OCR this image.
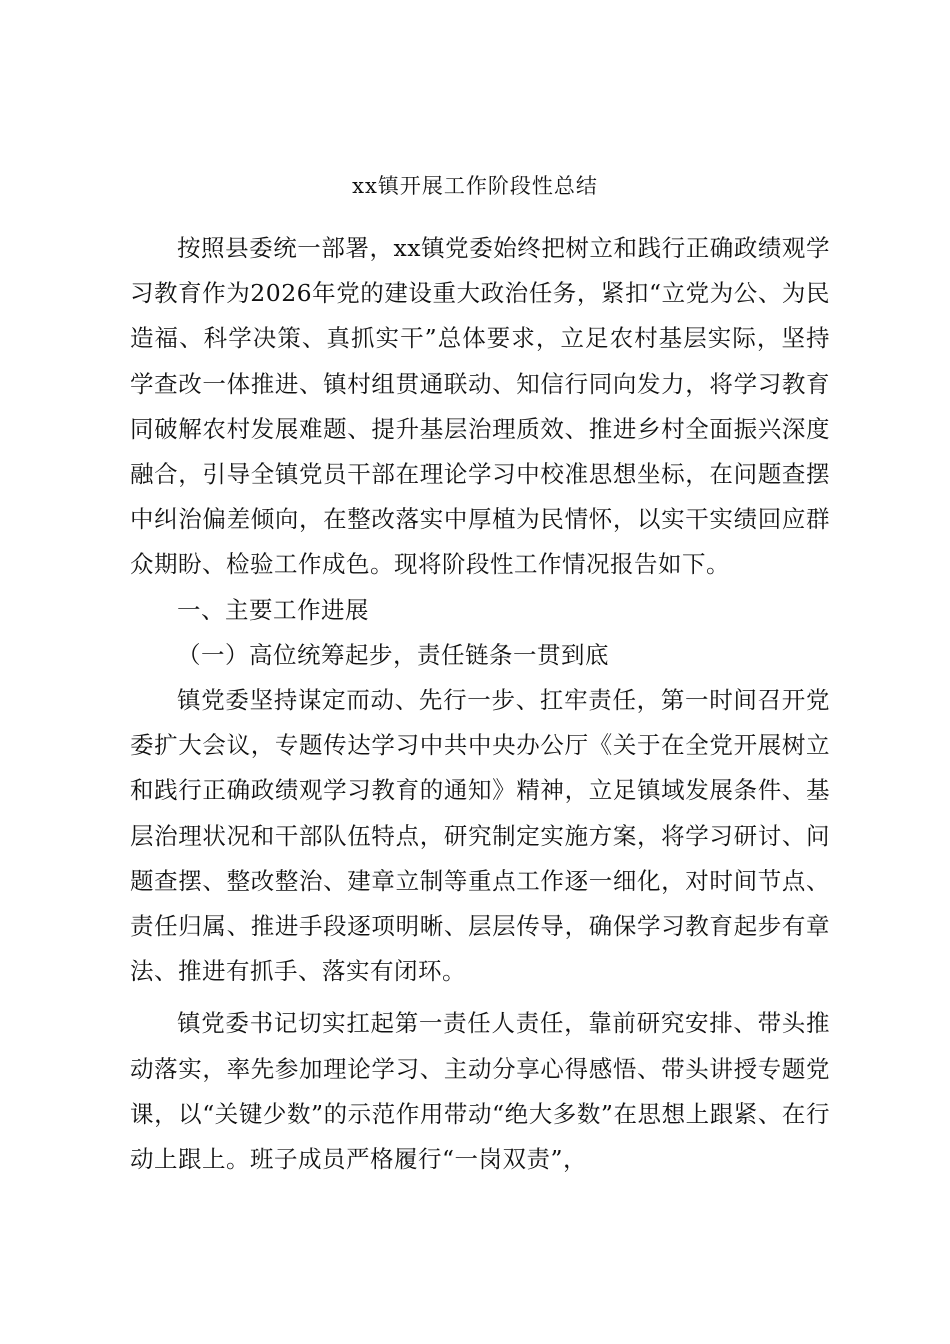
xx镇开展工作阶段性总结

按照县委统一部署，xx镇党委始终把树立和践行正确政绩观学习教育作为2026年党的建设重大政治任务，紧扣“立党为公、为民造福、科学决策、真抓实干”总体要求，立足农村基层实际，坚持学查改一体推进、镇村组贯通联动、知信行同向发力，将学习教育同破解农村发展难题、提升基层治理质效、推进乡村全面振兴深度融合，引导全镇党员干部在理论学习中校准思想坐标，在问题查摆中纠治偏差倾向，在整改落实中厚植为民情怀，以实干实绩回应群众期盼、检验工作成色。现将阶段性工作情况报告如下。

一、主要工作进展

（一）高位统筹起步，责任链条一贯到底

镇党委坚持谋定而动、先行一步、扛牢责任，第一时间召开党委扩大会议，专题传达学习中共中央办公厅《关于在全党开展树立和践行正确政绩观学习教育的通知》精神，立足镇域发展条件、基层治理状况和干部队伍特点，研究制定实施方案，将学习研讨、问题查摆、整改整治、建章立制等重点工作逐一细化，对时间节点、责任归属、推进手段逐项明晰、层层传导，确保学习教育起步有章法、推进有抓手、落实有闭环。

镇党委书记切实扛起第一责任人责任，靠前研究安排、带头推动落实，率先参加理论学习、主动分享心得感悟、带头讲授专题党课，以“关键少数”的示范作用带动“绝大多数”在思想上跟紧、在行动上跟上。班子成员严格履行“一岗双责”，
